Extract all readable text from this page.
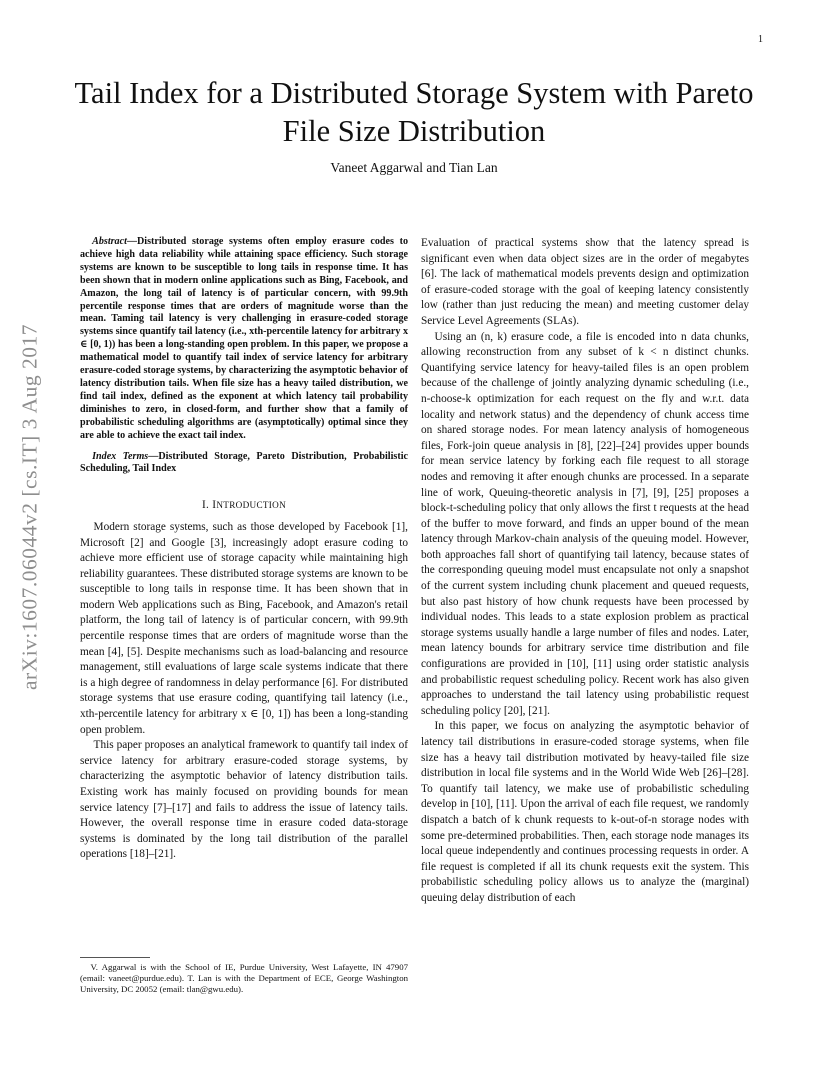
1
arXiv:1607.06044v2 [cs.IT] 3 Aug 2017
Tail Index for a Distributed Storage System with Pareto File Size Distribution
Vaneet Aggarwal and Tian Lan

Abstract—Distributed storage systems often employ erasure codes to achieve high data reliability while attaining space efficiency. Such storage systems are known to be susceptible to long tails in response time. It has been shown that in modern online applications such as Bing, Facebook, and Amazon, the long tail of latency is of particular concern, with 99.9th percentile response times that are orders of magnitude worse than the mean. Taming tail latency is very challenging in erasure-coded storage systems since quantify tail latency (i.e., xth-percentile latency for arbitrary x ∈ [0, 1)) has been a long-standing open problem. In this paper, we propose a mathematical model to quantify tail index of service latency for arbitrary erasure-coded storage systems, by characterizing the asymptotic behavior of latency distribution tails. When file size has a heavy tailed distribution, we find tail index, defined as the exponent at which latency tail probability diminishes to zero, in closed-form, and further show that a family of probabilistic scheduling algorithms are (asymptotically) optimal since they are able to achieve the exact tail index.

Index Terms—Distributed Storage, Pareto Distribution, Probabilistic Scheduling, Tail Index

I. INTRODUCTION

Modern storage systems, such as those developed by Facebook [1], Microsoft [2] and Google [3], increasingly adopt erasure coding to achieve more efficient use of storage capacity while maintaining high reliability guarantees. These distributed storage systems are known to be susceptible to long tails in response time. It has been shown that in modern Web applications such as Bing, Facebook, and Amazon's retail platform, the long tail of latency is of particular concern, with 99.9th percentile response times that are orders of magnitude worse than the mean [4], [5]. Despite mechanisms such as load-balancing and resource management, still evaluations of large scale systems indicate that there is a high degree of randomness in delay performance [6]. For distributed storage systems that use erasure coding, quantifying tail latency (i.e., xth-percentile latency for arbitrary x ∈ [0, 1]) has been a long-standing open problem.

This paper proposes an analytical framework to quantify tail index of service latency for arbitrary erasure-coded storage systems, by characterizing the asymptotic behavior of latency distribution tails. Existing work has mainly focused on providing bounds for mean service latency [7]–[17] and fails to address the issue of latency tails. However, the overall response time in erasure coded data-storage systems is dominated by the long tail distribution of the parallel operations [18]–[21].

V. Aggarwal is with the School of IE, Purdue University, West Lafayette, IN 47907 (email: vaneet@purdue.edu). T. Lan is with the Department of ECE, George Washington University, DC 20052 (email: tlan@gwu.edu).

Evaluation of practical systems show that the latency spread is significant even when data object sizes are in the order of megabytes [6]. The lack of mathematical models prevents design and optimization of erasure-coded storage with the goal of keeping latency consistently low (rather than just reducing the mean) and meeting customer delay Service Level Agreements (SLAs).

Using an (n, k) erasure code, a file is encoded into n data chunks, allowing reconstruction from any subset of k < n distinct chunks. Quantifying service latency for heavy-tailed files is an open problem because of the challenge of jointly analyzing dynamic scheduling (i.e., n-choose-k optimization for each request on the fly and w.r.t. data locality and network status) and the dependency of chunk access time on shared storage nodes. For mean latency analysis of homogeneous files, Fork-join queue analysis in [8], [22]–[24] provides upper bounds for mean service latency by forking each file request to all storage nodes and removing it after enough chunks are processed. In a separate line of work, Queuing-theoretic analysis in [7], [9], [25] proposes a block-t-scheduling policy that only allows the first t requests at the head of the buffer to move forward, and finds an upper bound of the mean latency through Markov-chain analysis of the queuing model. However, both approaches fall short of quantifying tail latency, because states of the corresponding queuing model must encapsulate not only a snapshot of the current system including chunk placement and queued requests, but also past history of how chunk requests have been processed by individual nodes. This leads to a state explosion problem as practical storage systems usually handle a large number of files and nodes. Later, mean latency bounds for arbitrary service time distribution and file configurations are provided in [10], [11] using order statistic analysis and probabilistic request scheduling policy. Recent work has also given approaches to understand the tail latency using probabilistic request scheduling policy [20], [21].

In this paper, we focus on analyzing the asymptotic behavior of latency tail distributions in erasure-coded storage systems, when file size has a heavy tail distribution motivated by heavy-tailed file size distribution in local file systems and in the World Wide Web [26]–[28]. To quantify tail latency, we make use of probabilistic scheduling develop in [10], [11]. Upon the arrival of each file request, we randomly dispatch a batch of k chunk requests to k-out-of-n storage nodes with some pre-determined probabilities. Then, each storage node manages its local queue independently and continues processing requests in order. A file request is completed if all its chunk requests exit the system. This probabilistic scheduling policy allows us to analyze the (marginal) queuing delay distribution of each
